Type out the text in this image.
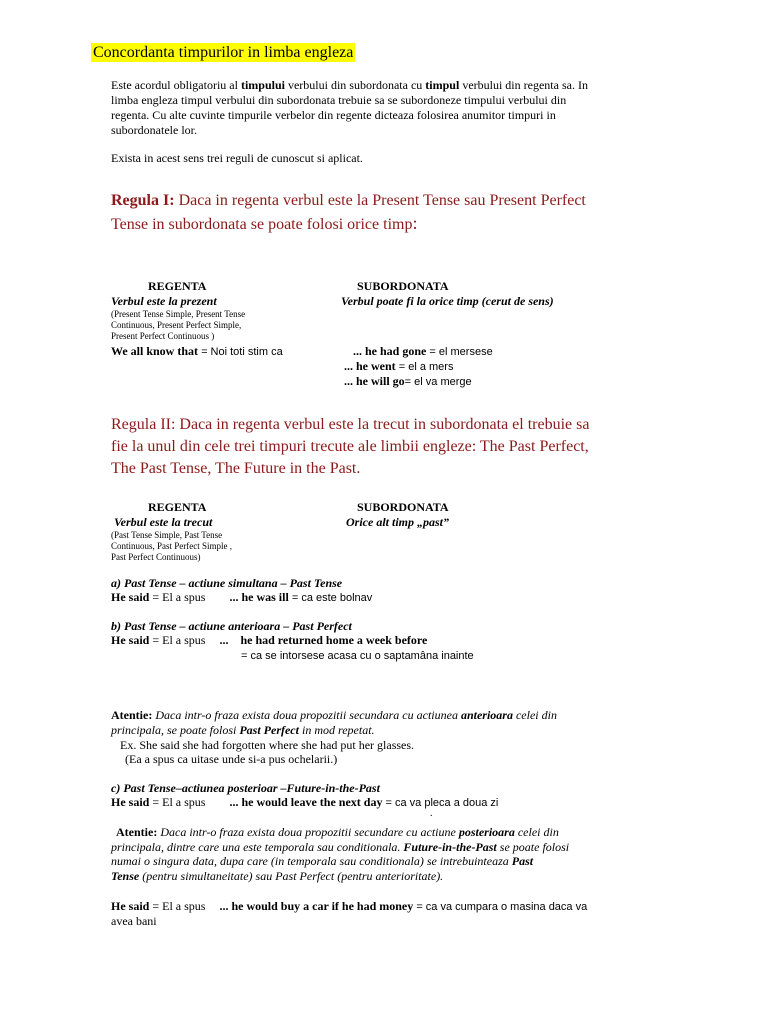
Concordanta timpurilor in limba engleza
Este acordul obligatoriu al timpului verbului din subordonata cu timpul verbului din regenta sa. In
limba engleza timpul verbului din subordonata trebuie sa se subordoneze timpului verbului din
regenta. Cu alte cuvinte timpurile verbelor din regente dicteaza folosirea anumitor timpuri in
subordonatele lor.
Exista in acest sens trei reguli de cunoscut si aplicat.
Regula I: Daca in regenta verbul este la Present Tense sau Present Perfect
Tense in subordonata se poate folosi orice timp:
REGENTA	SUBORDONATA
Verbul este la prezent	Verbul poate fi la orice timp (cerut de sens)
(Present Tense Simple, Present Tense
Continuous, Present Perfect Simple,
Present Perfect Continuous )
We all know that = Noi toti stim ca	... he had gone = el mersese
... he went = el a mers
... he will go= el va merge
Regula II: Daca in regenta verbul este la trecut in subordonata el trebuie sa
fie la unul din cele trei timpuri trecute ale limbii engleze: The Past Perfect,
The Past Tense, The Future in the Past.
REGENTA	SUBORDONATA
Verbul este la trecut	Orice alt timp „past”
(Past Tense Simple, Past Tense
Continuous, Past Perfect Simple ,
Past Perfect Continuous)
a) Past Tense – actiune simultana – Past Tense
He said = El a spus ... he was ill = ca este bolnav
b) Past Tense – actiune anterioara – Past Perfect
He said = El a spus ... he had returned home a week before
= ca se intorsese acasa cu o saptamâna inainte
Atentie: Daca intr-o fraza exista doua propozitii secundara cu actiunea anterioara celei din
principala, se poate folosi Past Perfect in mod repetat.
Ex. She said she had forgotten where she had put her glasses.
(Ea a spus ca uitase unde si-a pus ochelarii.)
c) Past Tense–actiunea posterioar –Future-in-the-Past
He said = El a spus ... he would leave the next day = ca va pleca a doua zi
.
Atentie: Daca intr-o fraza exista doua propozitii secundare cu actiune posterioara celei din
principala, dintre care una este temporala sau conditionala. Future-in-the-Past se poate folosi
numai o singura data, dupa care (in temporala sau conditionala) se intrebuinteaza Past
Tense (pentru simultaneitate) sau Past Perfect (pentru anterioritate).
He said = El a spus ... he would buy a car if he had money = ca va cumpara o masina daca va
avea bani
